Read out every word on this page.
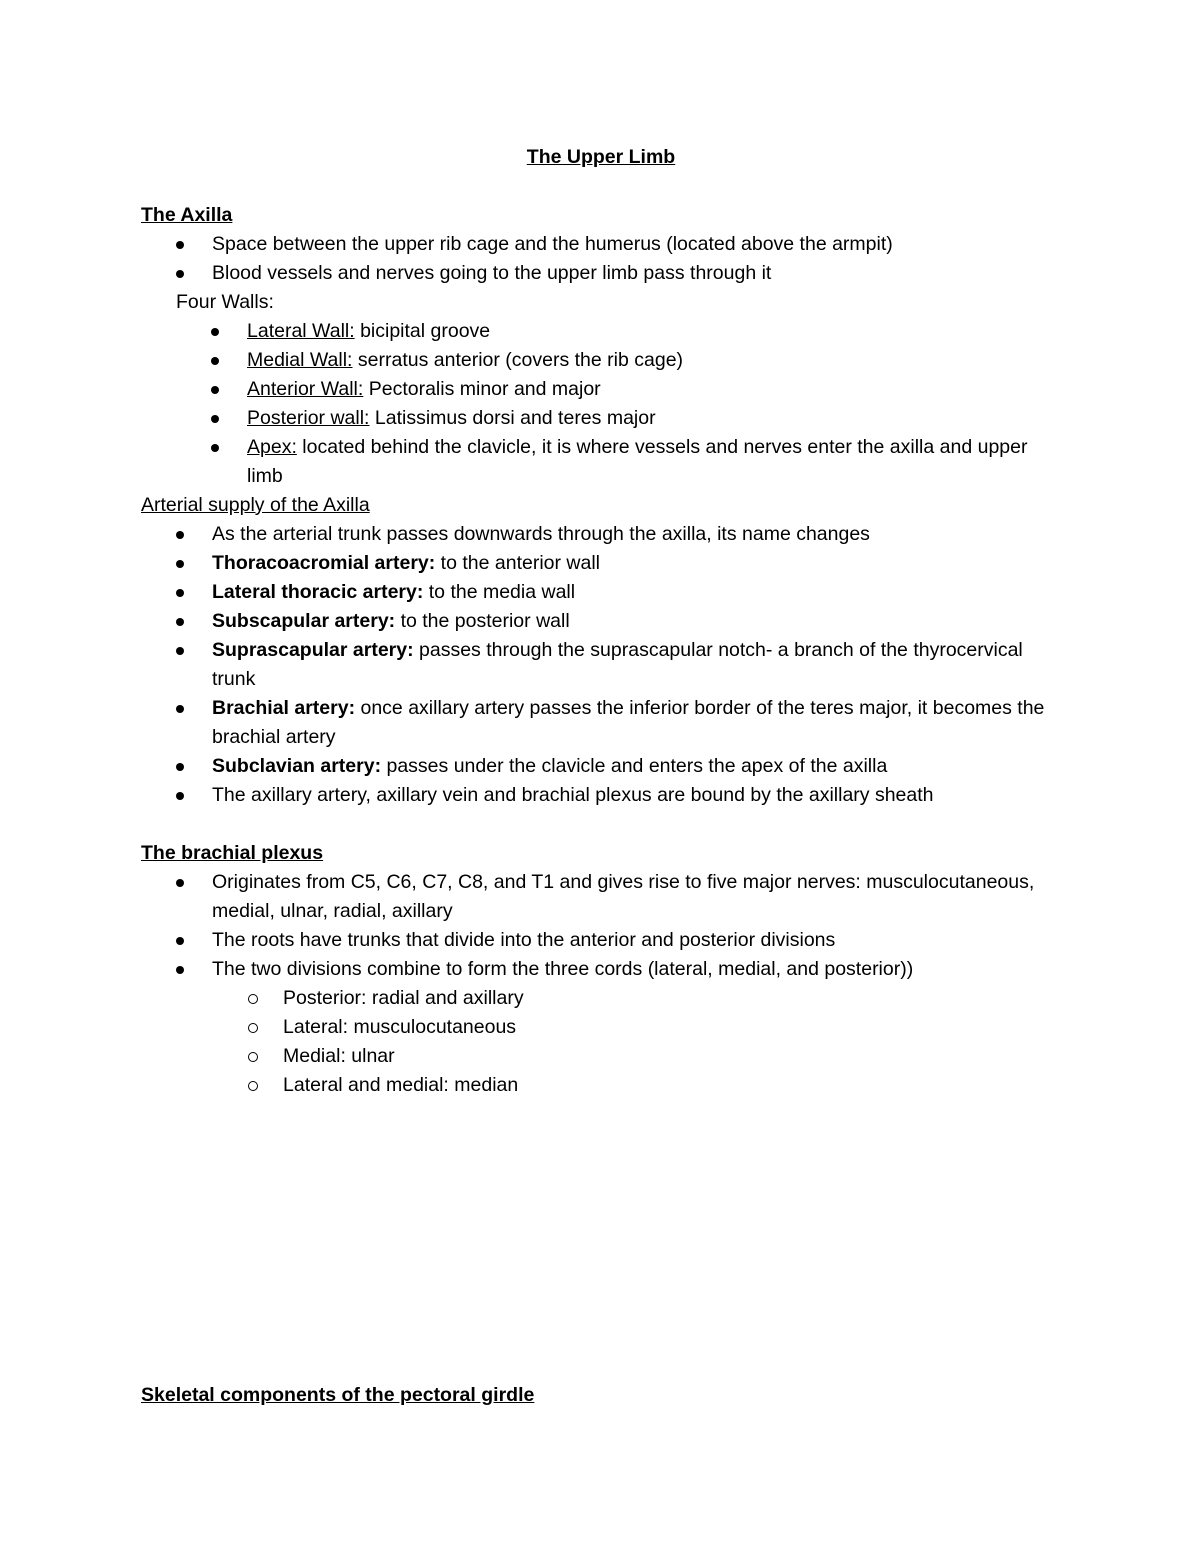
The Upper Limb
The Axilla
Space between the upper rib cage and the humerus (located above the armpit)
Blood vessels and nerves going to the upper limb pass through it
Four Walls:
Lateral Wall: bicipital groove
Medial Wall: serratus anterior (covers the rib cage)
Anterior Wall: Pectoralis minor and major
Posterior wall: Latissimus dorsi and teres major
Apex: located behind the clavicle, it is where vessels and nerves enter the axilla and upper limb
Arterial supply of the Axilla
As the arterial trunk passes downwards through the axilla, its name changes
Thoracoacromial artery: to the anterior wall
Lateral thoracic artery: to the media wall
Subscapular artery: to the posterior wall
Suprascapular artery: passes through the suprascapular notch- a branch of the thyrocervical trunk
Brachial artery: once axillary artery passes the inferior border of the teres major, it becomes the brachial artery
Subclavian artery: passes under the clavicle and enters the apex of the axilla
The axillary artery, axillary vein and brachial plexus are bound by the axillary sheath
The brachial plexus
Originates from C5, C6, C7, C8, and T1 and gives rise to five major nerves: musculocutaneous, medial, ulnar, radial, axillary
The roots have trunks that divide into the anterior and posterior divisions
The two divisions combine to form the three cords (lateral, medial, and posterior))
Posterior: radial and axillary
Lateral: musculocutaneous
Medial: ulnar
Lateral and medial: median
Skeletal components of the pectoral girdle
